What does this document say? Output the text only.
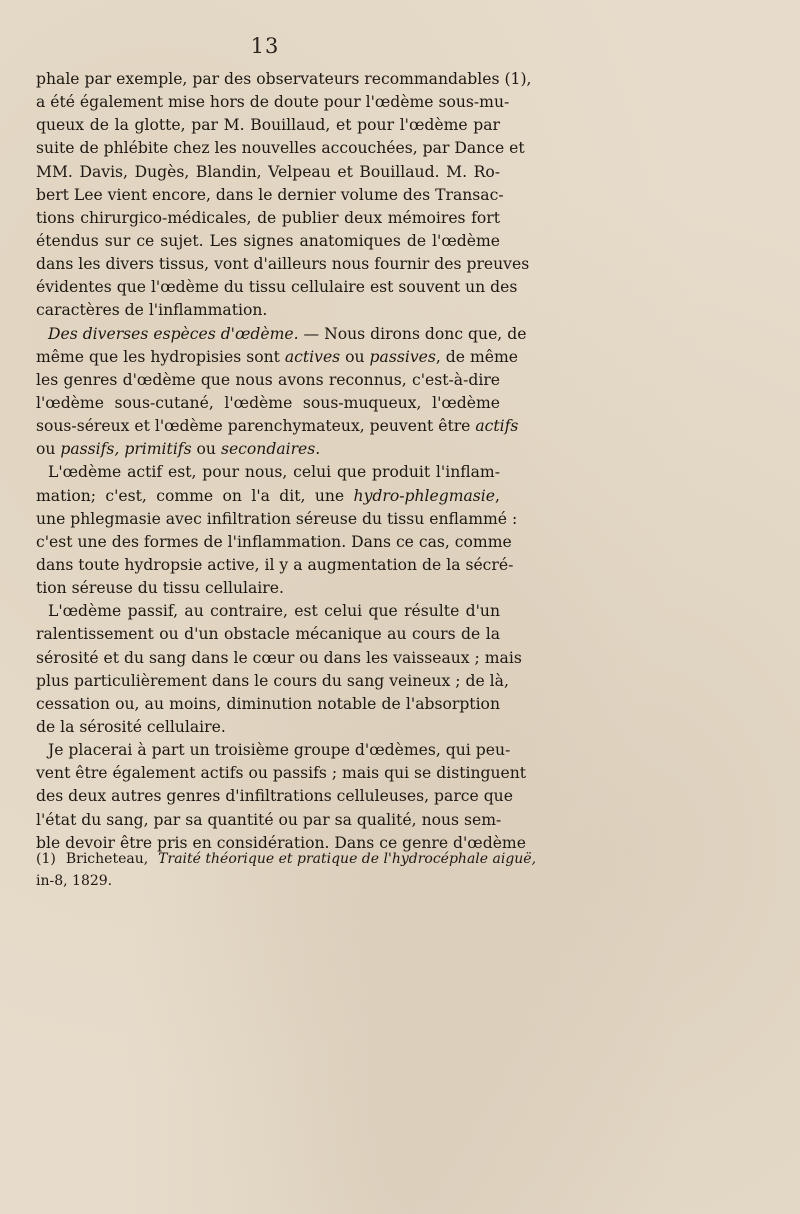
13
phale par exemple, par des observateurs recommandables (1),
a été également mise hors de doute pour l'œdème sous-mu-
queux de la glotte, par M. Bouillaud, et pour l'œdème par
suite de phlébite chez les nouvelles accouchées, par Dance et
MM. Davis, Dugès, Blandin, Velpeau et Bouillaud. M. Ro-
bert Lee vient encore, dans le dernier volume des Transac-
tions chirurgico-médicales, de publier deux mémoires fort
étendus sur ce sujet. Les signes anatomiques de l'œdème
dans les divers tissus, vont d'ailleurs nous fournir des preuves
évidentes que l'œdème du tissu cellulaire est souvent un des
caractères de l'inflammation.
Des diverses espèces d'œdème. — Nous dirons donc que, de
même que les hydropisies sont actives ou passives, de même
les genres d'œdème que nous avons reconnus, c'est-à-dire
l'œdème sous-cutané, l'œdème sous-muqueux, l'œdème
sous-séreux et l'œdème parenchymateux, peuvent être actifs
ou passifs, primitifs ou secondaires.
L'œdème actif est, pour nous, celui que produit l'inflam-
mation; c'est, comme on l'a dit, une hydro-phlegmasie,
une phlegmasie avec infiltration séreuse du tissu enflammé :
c'est une des formes de l'inflammation. Dans ce cas, comme
dans toute hydropsie active, il y a augmentation de la sécré-
tion séreuse du tissu cellulaire.
L'œdème passif, au contraire, est celui que résulte d'un
ralentissement ou d'un obstacle mécanique au cours de la
sérosité et du sang dans le cœur ou dans les vaisseaux ; mais
plus particulièrement dans le cours du sang veineux ; de là,
cessation ou, au moins, diminution notable de l'absorption
de la sérosité cellulaire.
Je placerai à part un troisième groupe d'œdèmes, qui peu-
vent être également actifs ou passifs ; mais qui se distinguent
des deux autres genres d'infiltrations celluleuses, parce que
l'état du sang, par sa quantité ou par sa qualité, nous sem-
ble devoir être pris en considération. Dans ce genre d'œdème
(1) Bricheteau, Traité théorique et pratique de l'hydrocéphale aiguë,
in-8, 1829.
